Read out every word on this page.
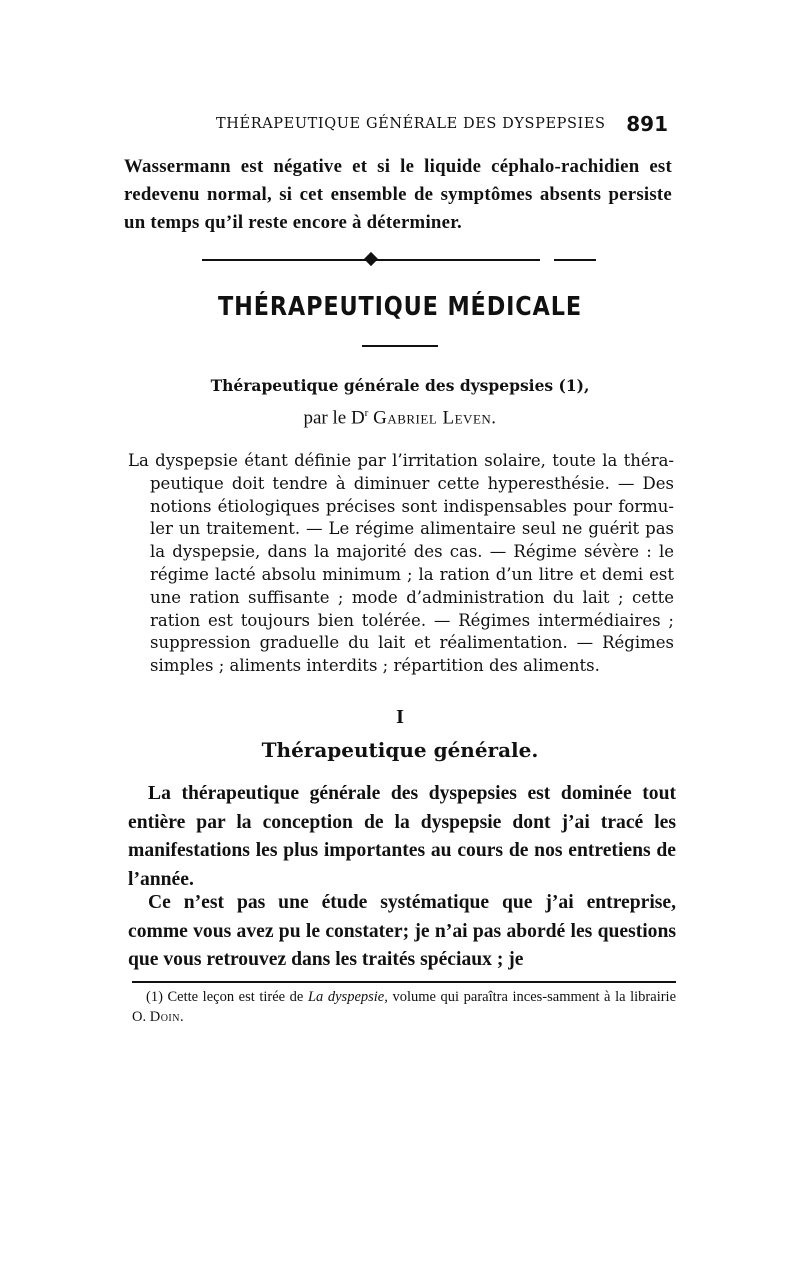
THÉRAPEUTIQUE GÉNÉRALE DES DYSPEPSIES 891

Wassermann est négative et si le liquide céphalo-rachidien est redevenu normal, si cet ensemble de symptômes absents persiste un temps qu’il reste encore à déterminer.

THÉRAPEUTIQUE MÉDICALE
Thérapeutique générale des dyspepsies (1),
par le $D^r$ Gabriel Leven.

La dyspepsie étant définie par l’irritation solaire, toute la théra-peutique doit tendre à diminuer cette hyperesthésie. — Des notions étiologiques précises sont indispensables pour formu-ler un traitement. — Le régime alimentaire seul ne guérit pas la dyspepsie, dans la majorité des cas. — Régime sévère : le régime lacté absolu minimum ; la ration d’un litre et demi est une ration suffisante ; mode d’administration du lait ; cette ration est toujours bien tolérée. — Régimes intermédiaires ; suppression graduelle du lait et réalimentation. — Régimes simples ; aliments interdits ; répartition des aliments.

I
Thérapeutique générale.

La thérapeutique générale des dyspepsies est dominée tout entière par la conception de la dyspepsie dont j’ai tracé les manifestations les plus importantes au cours de nos entretiens de l’année.

Ce n’est pas une étude systématique que j’ai entreprise, comme vous avez pu le constater; je n’ai pas abordé les questions que vous retrouvez dans les traités spéciaux ; je

(1) Cette leçon est tirée de La dyspepsie, volume qui paraîtra inces-samment à la librairie O. Doin.
